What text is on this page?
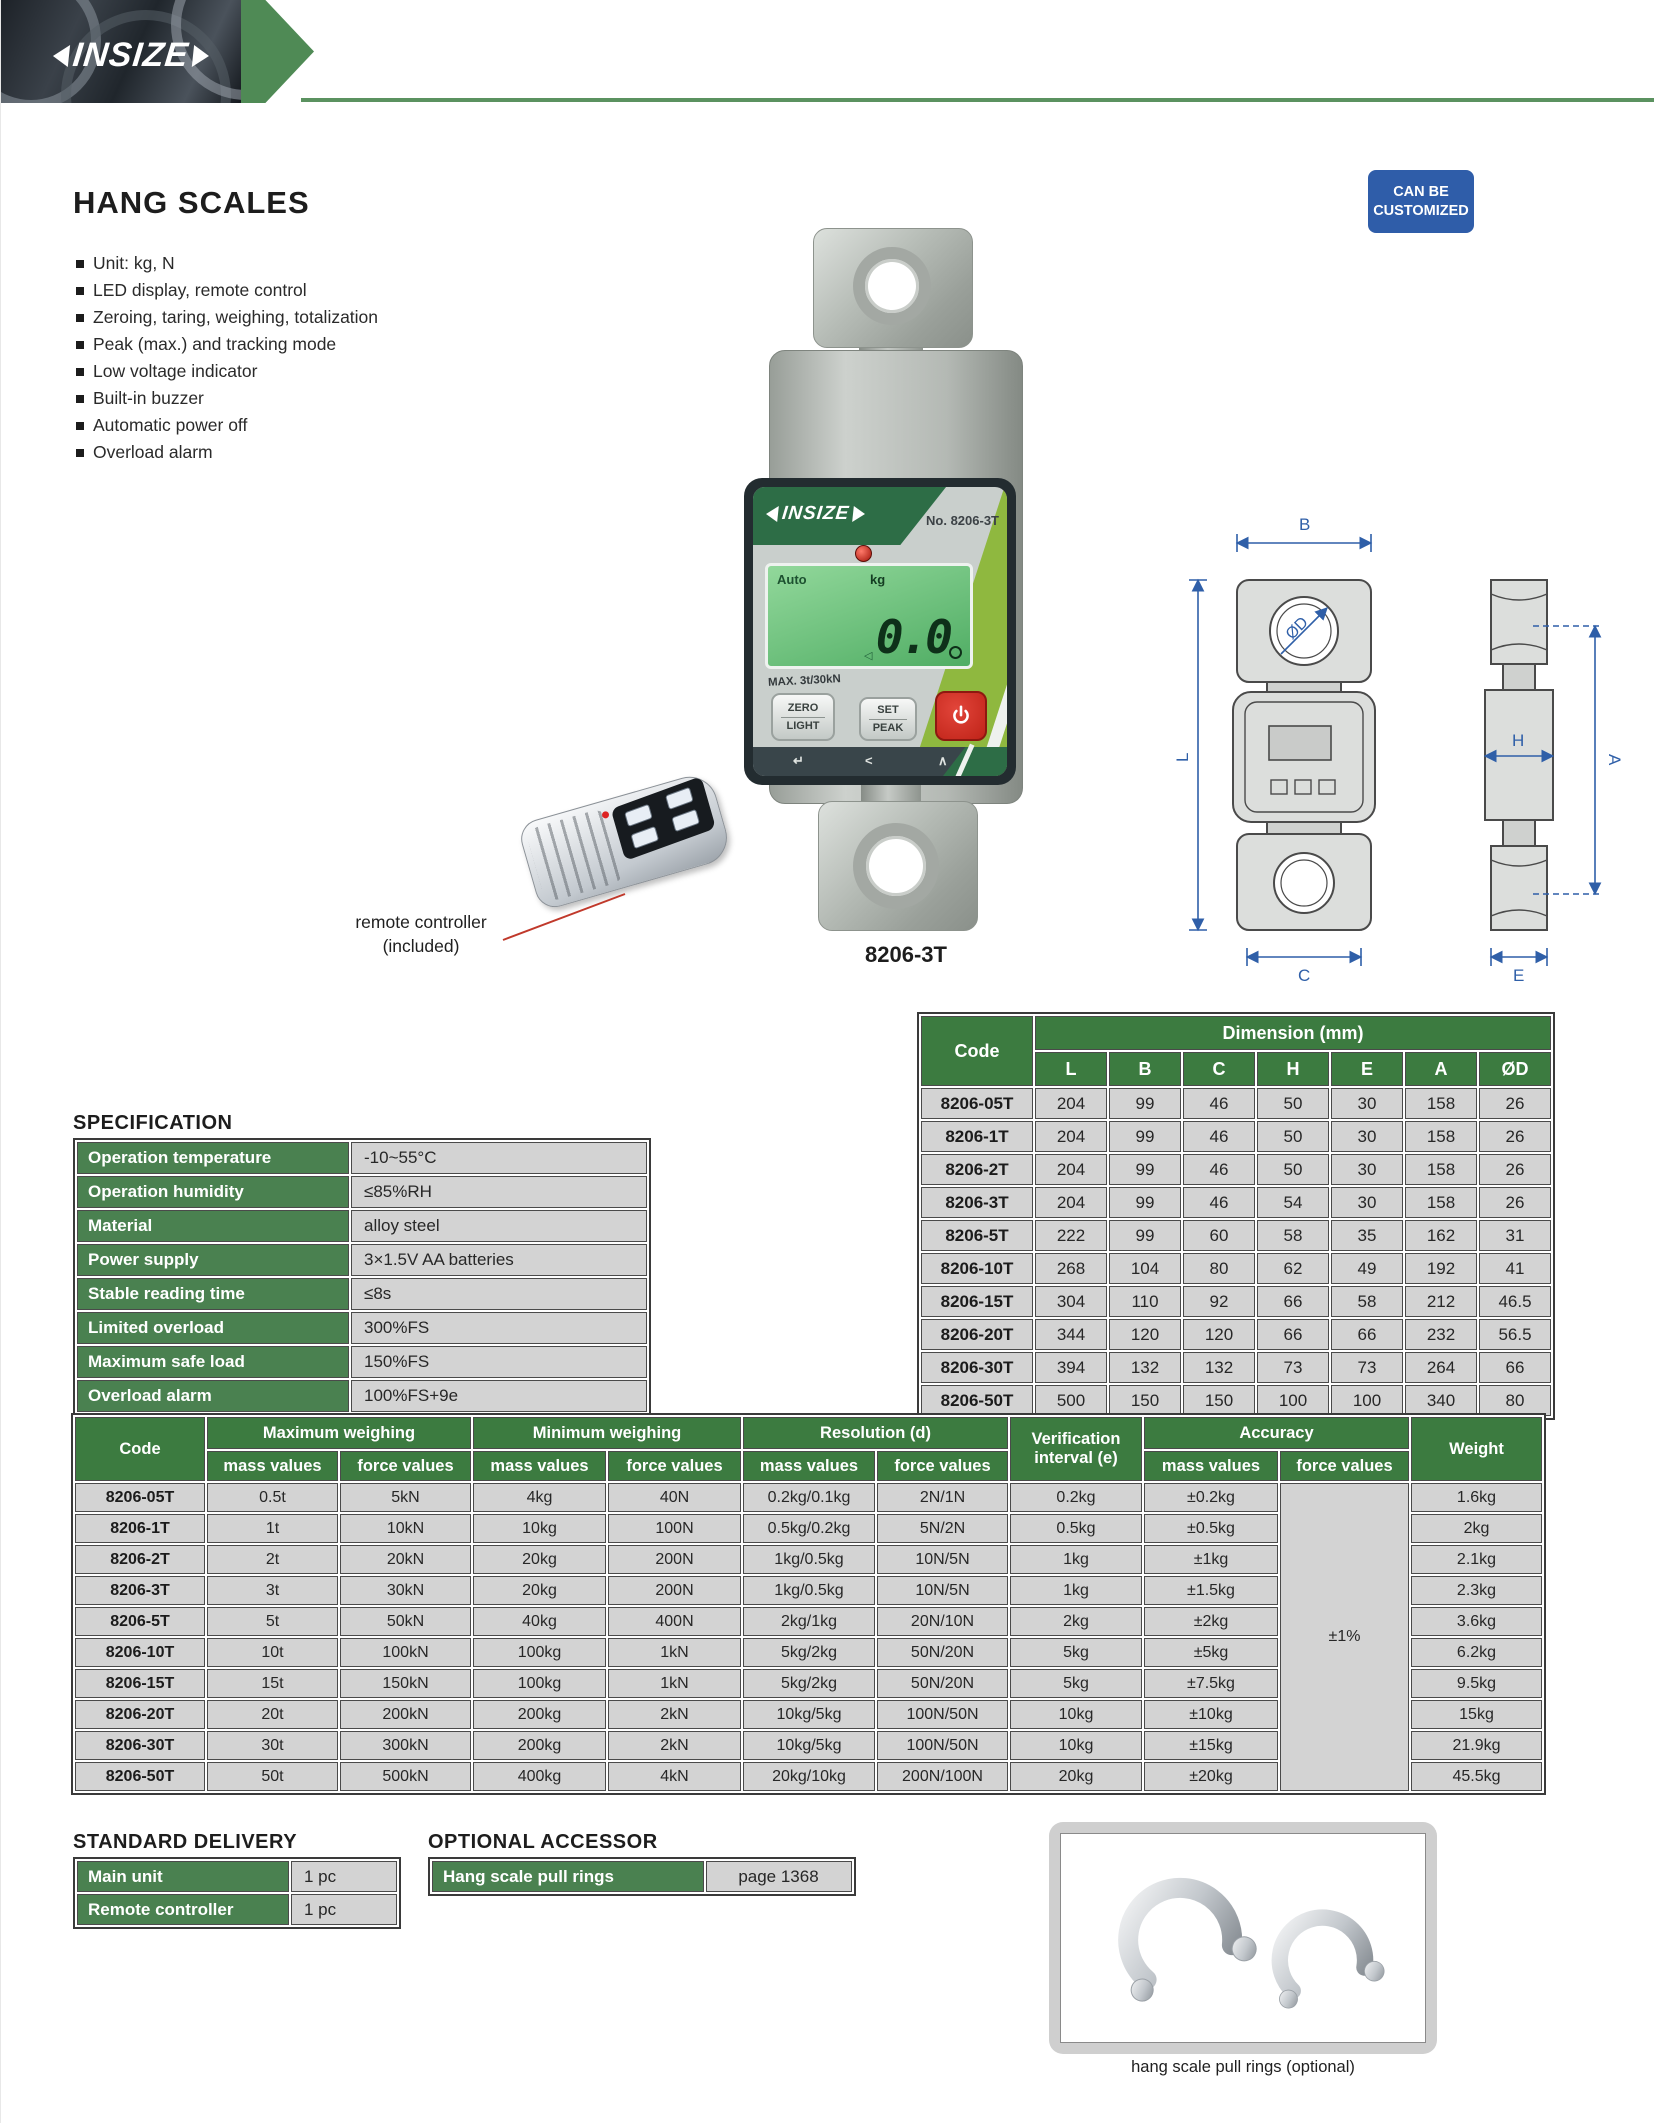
INSIZE
HANG SCALES	CAN BE
CUSTOMIZED
Unit: kg, N
LED display, remote control
Zeroing, taring, weighing, totalization
Peak (max.) and tracking mode
Low voltage indicator
Built-in buzzer
Automatic power off
Overload alarm
INSIZE	No. 8206-3T
Auto	kg
0.0
◁
MAX. 3t/30kN
ZERO
LIGHT
SET
PEAK
↵	<	∧
8206-3T
remote controller
(included)
ØD
B
L
C
H
A
E
SPECIFICATION
Operation temperature	-10~55°C
Operation humidity	≤85%RH
Material	alloy steel
Power supply	3×1.5V AA batteries
Stable reading time	≤8s
Limited overload	300%FS
Maximum safe load	150%FS
Overload alarm	100%FS+9e
Code	Dimension (mm)						
	L	B	C	H	E	A	ØD
8206-05T	204	99	46	50	30	158	26
8206-1T	204	99	46	50	30	158	26
8206-2T	204	99	46	50	30	158	26
8206-3T	204	99	46	54	30	158	26
8206-5T	222	99	60	58	35	162	31
8206-10T	268	104	80	62	49	192	41
8206-15T	304	110	92	66	58	212	46.5
8206-20T	344	120	120	66	66	232	56.5
8206-30T	394	132	132	73	73	264	66
8206-50T	500	150	150	100	100	340	80
Code	Maximum weighing		Minimum weighing		Resolution (d)		Verification interval (e)	Accuracy		Weight
	mass values	force values	mass values	force values	mass values	force values		mass values	force values	
8206-05T	0.5t	5kN	4kg	40N	0.2kg/0.1kg	2N/1N	0.2kg	±0.2kg	±1%	1.6kg
8206-1T	1t	10kN	10kg	100N	0.5kg/0.2kg	5N/2N	0.5kg	±0.5kg		2kg
8206-2T	2t	20kN	20kg	200N	1kg/0.5kg	10N/5N	1kg	±1kg		2.1kg
8206-3T	3t	30kN	20kg	200N	1kg/0.5kg	10N/5N	1kg	±1.5kg		2.3kg
8206-5T	5t	50kN	40kg	400N	2kg/1kg	20N/10N	2kg	±2kg		3.6kg
8206-10T	10t	100kN	100kg	1kN	5kg/2kg	50N/20N	5kg	±5kg		6.2kg
8206-15T	15t	150kN	100kg	1kN	5kg/2kg	50N/20N	5kg	±7.5kg		9.5kg
8206-20T	20t	200kN	200kg	2kN	10kg/5kg	100N/50N	10kg	±10kg		15kg
8206-30T	30t	300kN	200kg	2kN	10kg/5kg	100N/50N	10kg	±15kg		21.9kg
8206-50T	50t	500kN	400kg	4kN	20kg/10kg	200N/100N	20kg	±20kg		45.5kg
STANDARD DELIVERY
Main unit	1 pc
Remote controller	1 pc
OPTIONAL ACCESSOR
Hang scale pull rings	page 1368
hang scale pull rings (optional)
